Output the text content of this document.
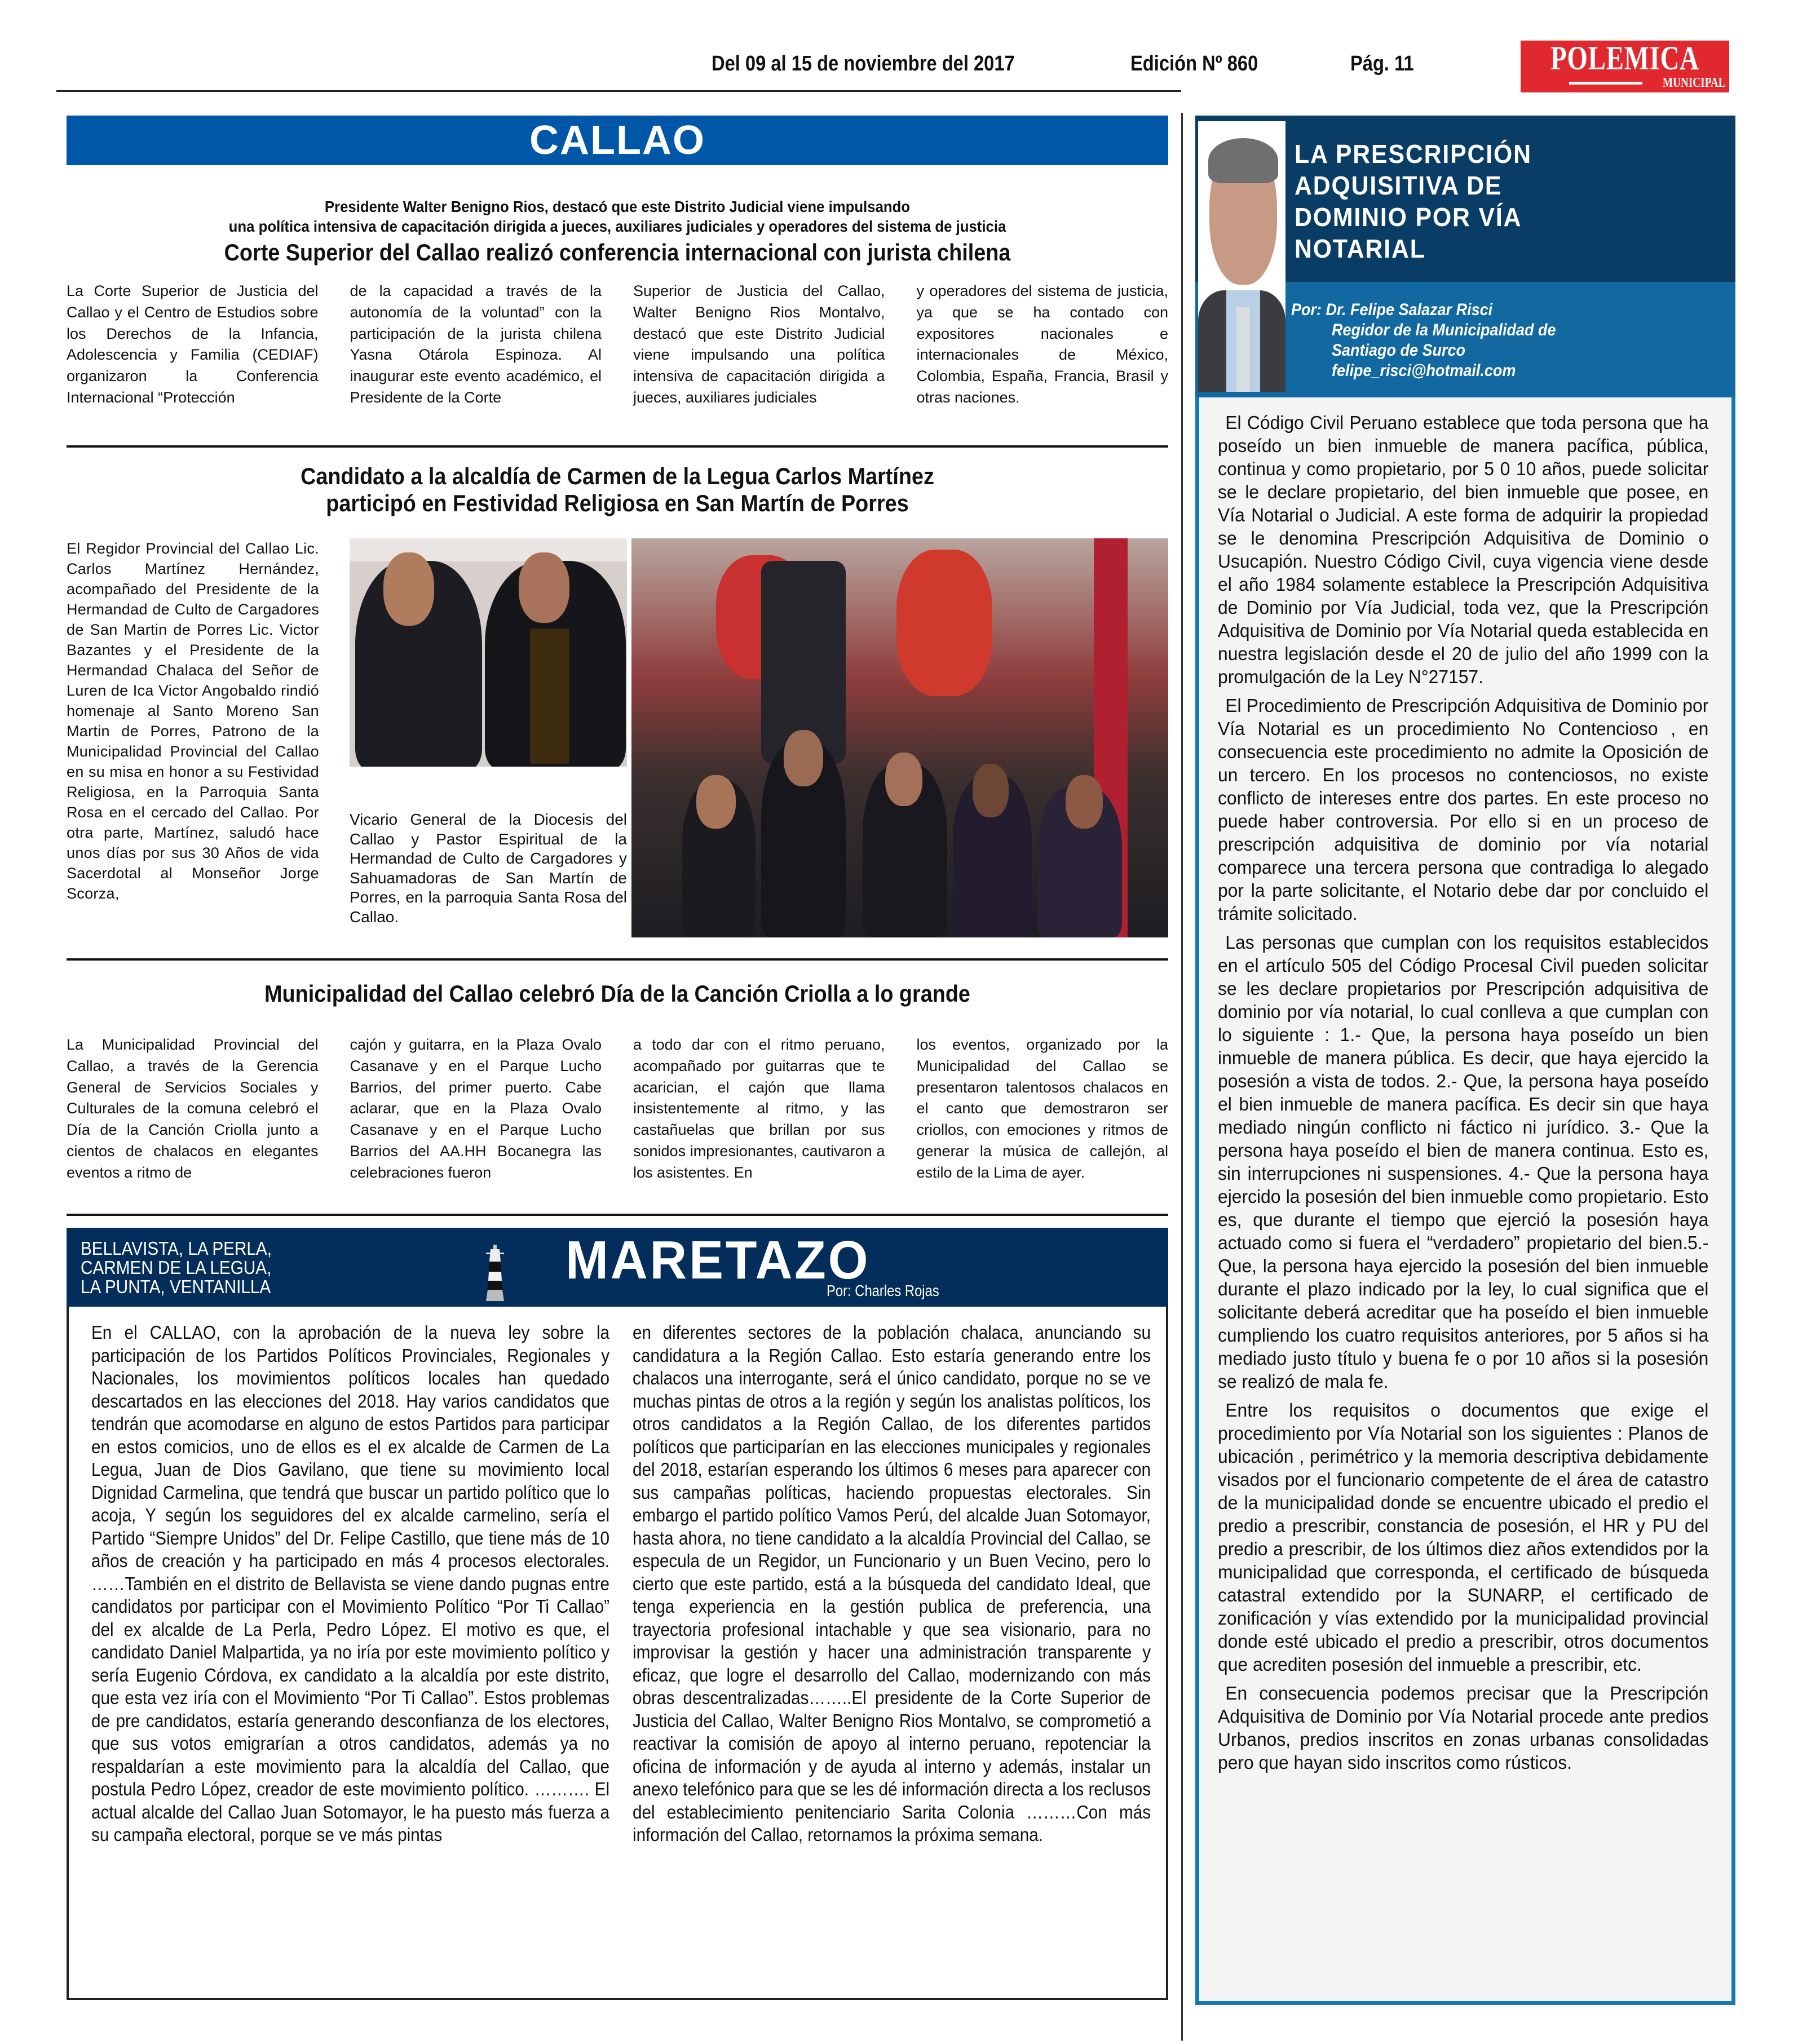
Del 09 al 15 de noviembre del 2017	Edición Nº 860	Pág. 11	POLEMICA
MUNICIPAL
CALLAO
Presidente Walter Benigno Rios, destacó que este Distrito Judicial viene impulsando
una política intensiva de capacitación dirigida a jueces, auxiliares judiciales y operadores del sistema de justicia
Corte Superior del Callao realizó conferencia internacional con jurista chilena
La Corte Superior de Justicia del Callao y el Centro de Estudios sobre los Derechos de la Infancia, Adolescencia y Familia (CEDIAF) organizaron la Conferencia Internacional “Protección
de la capacidad a través de la autonomía de la voluntad” con la participación de la jurista chilena Yasna Otárola Espinoza. Al inaugurar este evento académico, el Presidente de la Corte
Superior de Justicia del Callao, Walter Benigno Rios Montalvo, destacó que este Distrito Judicial viene impulsando una política intensiva de capacitación dirigida a jueces, auxiliares judiciales
y operadores del sistema de justicia, ya que se ha contado con expositores nacionales e internacionales de México, Colombia, España, Francia, Brasil y otras naciones.
Candidato a la alcaldía de Carmen de la Legua Carlos Martínez
participó en Festividad Religiosa en San Martín de Porres
El Regidor Provincial del Callao Lic. Carlos Martínez Hernández, acompañado del Presidente de la Hermandad de Culto de Cargadores de San Martin de Porres Lic. Victor Bazantes y el Presidente de la Hermandad Chalaca del Señor de Luren de Ica Victor Angobaldo rindió homenaje al Santo Moreno San Martin de Porres, Patrono de la Municipalidad Provincial del Callao en su misa en honor a su Festividad Religiosa, en la Parroquia Santa Rosa en el cercado del Callao. Por otra parte, Martínez, saludó hace unos días por sus 30 Años de vida Sacerdotal al Monseñor Jorge Scorza,
Vicario General de la Diocesis del Callao y Pastor Espiritual de la Hermandad de Culto de Cargadores y Sahuamadoras de San Martín de Porres, en la parroquia Santa Rosa del Callao.
Municipalidad del Callao celebró Día de la Canción Criolla a lo grande
La Municipalidad Provincial del Callao, a través de la Gerencia General de Servicios Sociales y Culturales de la comuna celebró el Día de la Canción Criolla junto a cientos de chalacos en elegantes eventos a ritmo de
cajón y guitarra, en la Plaza Ovalo Casanave y en el Parque Lucho Barrios, del primer puerto. Cabe aclarar, que en la Plaza Ovalo Casanave y en el Parque Lucho Barrios del AA.HH Bocanegra las celebraciones fueron
a todo dar con el ritmo peruano, acompañado por guitarras que te acarician, el cajón que llama insistentemente al ritmo, y las castañuelas que brillan por sus sonidos impresionantes, cautivaron a los asistentes. En
los eventos, organizado por la Municipalidad del Callao se presentaron talentosos chalacos en el canto que demostraron ser criollos, con emociones y ritmos de generar la música de callejón, al estilo de la Lima de ayer.
BELLAVISTA, LA PERLA,
CARMEN DE LA LEGUA,
LA PUNTA, VENTANILLA	MARETAZO
Por: Charles Rojas
En el CALLAO, con la aprobación de la nueva ley sobre la participación de los Partidos Políticos Provinciales, Regionales y Nacionales, los movimientos políticos locales han quedado descartados en las elecciones del 2018. Hay varios candidatos que tendrán que acomodarse en alguno de estos Partidos para participar en estos comicios, uno de ellos es el ex alcalde de Carmen de La Legua, Juan de Dios Gavilano, que tiene su movimiento local Dignidad Carmelina, que tendrá que buscar un partido político que lo acoja, Y según los seguidores del ex alcalde carmelino, sería el Partido “Siempre Unidos” del Dr. Felipe Castillo, que tiene más de 10 años de creación y ha participado en más 4 procesos electorales. ……También en el distrito de Bellavista se viene dando pugnas entre candidatos por participar con el Movimiento Político “Por Ti Callao” del ex alcalde de La Perla, Pedro López. El motivo es que, el candidato Daniel Malpartida, ya no iría por este movimiento político y sería Eugenio Córdova, ex candidato a la alcaldía por este distrito, que esta vez iría con el Movimiento “Por Ti Callao”. Estos problemas de pre candidatos, estaría generando desconfianza de los electores, que sus votos emigrarían a otros candidatos, además ya no respaldarían a este movimiento para la alcaldía del Callao, que postula Pedro López, creador de este movimiento político. ………. El actual alcalde del Callao Juan Sotomayor, le ha puesto más fuerza a su campaña electoral, porque se ve más pintas
en diferentes sectores de la población chalaca, anunciando su candidatura a la Región Callao. Esto estaría generando entre los chalacos una interrogante, será el único candidato, porque no se ve muchas pintas de otros a la región y según los analistas políticos, los otros candidatos a la Región Callao, de los diferentes partidos políticos que participarían en las elecciones municipales y regionales del 2018, estarían esperando los últimos 6 meses para aparecer con sus campañas políticas, haciendo propuestas electorales. Sin embargo el partido político Vamos Perú, del alcalde Juan Sotomayor, hasta ahora, no tiene candidato a la alcaldía Provincial del Callao, se especula de un Regidor, un Funcionario y un Buen Vecino, pero lo cierto que este partido, está a la búsqueda del candidato Ideal, que tenga experiencia en la gestión publica de preferencia, una trayectoria profesional intachable y que sea visionario, para no improvisar la gestión y hacer una administración transparente y eficaz, que logre el desarrollo del Callao, modernizando con más obras descentralizadas……..El presidente de la Corte Superior de Justicia del Callao, Walter Benigno Rios Montalvo, se comprometió a reactivar la comisión de apoyo al interno peruano, repotenciar la oficina de información y de ayuda al interno y además, instalar un anexo telefónico para que se les dé información directa a los reclusos del establecimiento penitenciario Sarita Colonia ………Con más información del Callao, retornamos la próxima semana.
LA PRESCRIPCIÓN
ADQUISITIVA DE
DOMINIO POR VÍA
NOTARIAL
Por: Dr. Felipe Salazar Risci
Regidor de la Municipalidad de
Santiago de Surco
felipe_risci@hotmail.com

El Código Civil Peruano establece que toda persona que ha poseído un bien inmueble de manera pacífica, pública, continua y como propietario, por 5 0 10 años, puede solicitar se le declare propietario, del bien inmueble que posee, en Vía Notarial o Judicial. A este forma de adquirir la propiedad se le denomina Prescripción Adquisitiva de Dominio o Usucapión. Nuestro Código Civil, cuya vigencia viene desde el año 1984 solamente establece la Prescripción Adquisitiva de Dominio por Vía Judicial, toda vez, que la Prescripción Adquisitiva de Dominio por Vía Notarial queda establecida en nuestra legislación desde el 20 de julio del año 1999 con la promulgación de la Ley N°27157.

El Procedimiento de Prescripción Adquisitiva de Dominio por Vía Notarial es un procedimiento No Contencioso , en consecuencia este procedimiento no admite la Oposición de un tercero. En los procesos no contenciosos, no existe conflicto de intereses entre dos partes. En este proceso no puede haber controversia. Por ello si en un proceso de prescripción adquisitiva de dominio por vía notarial comparece una tercera persona que contradiga lo alegado por la parte solicitante, el Notario debe dar por concluido el trámite solicitado.

Las personas que cumplan con los requisitos establecidos en el artículo 505 del Código Procesal Civil pueden solicitar se les declare propietarios por Prescripción adquisitiva de dominio por vía notarial, lo cual conlleva a que cumplan con lo siguiente : 1.- Que, la persona haya poseído un bien inmueble de manera pública. Es decir, que haya ejercido la posesión a vista de todos. 2.- Que, la persona haya poseído el bien inmueble de manera pacífica. Es decir sin que haya mediado ningún conflicto ni fáctico ni jurídico. 3.- Que la persona haya poseído el bien de manera continua. Esto es, sin interrupciones ni suspensiones. 4.- Que la persona haya ejercido la posesión del bien inmueble como propietario. Esto es, que durante el tiempo que ejerció la posesión haya actuado como si fuera el “verdadero” propietario del bien.5.- Que, la persona haya ejercido la posesión del bien inmueble durante el plazo indicado por la ley, lo cual significa que el solicitante deberá acreditar que ha poseído el bien inmueble cumpliendo los cuatro requisitos anteriores, por 5 años si ha mediado justo título y buena fe o por 10 años si la posesión se realizó de mala fe.

Entre los requisitos o documentos que exige el procedimiento por Vía Notarial son los siguientes : Planos de ubicación , perimétrico y la memoria descriptiva debidamente visados por el funcionario competente de el área de catastro de la municipalidad donde se encuentre ubicado el predio el predio a prescribir, constancia de posesión, el HR y PU del predio a prescribir, de los últimos diez años extendidos por la municipalidad que corresponda, el certificado de búsqueda catastral extendido por la SUNARP, el certificado de zonificación y vías extendido por la municipalidad provincial donde esté ubicado el predio a prescribir, otros documentos que acrediten posesión del inmueble a prescribir, etc.

En consecuencia podemos precisar que la Prescripción Adquisitiva de Dominio por Vía Notarial procede ante predios Urbanos, predios inscritos en zonas urbanas consolidadas pero que hayan sido inscritos como rústicos.
